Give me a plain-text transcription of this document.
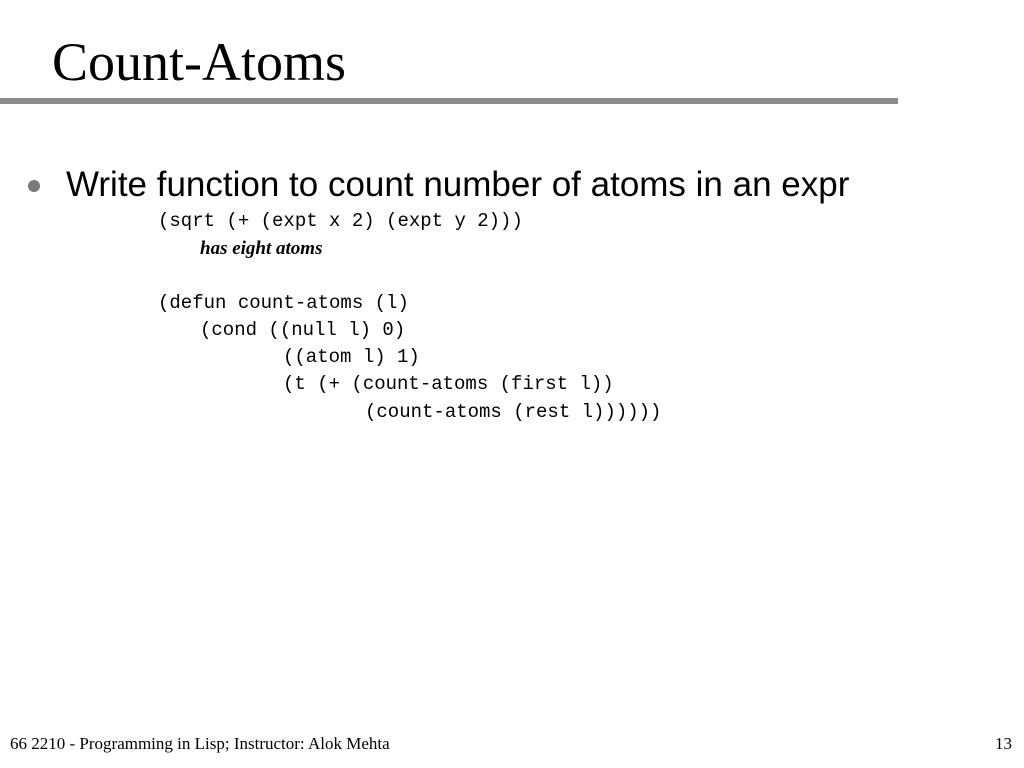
Count-Atoms
Write function to count number of atoms in an expr
(sqrt (+ (expt x 2) (expt y 2)))
has eight atoms
(defun count-atoms (l)
(cond ((null l) 0)
((atom l) 1)
(t (+ (count-atoms (first l))
(count-atoms (rest l))))))
66 2210 - Programming in Lisp; Instructor: Alok Mehta	13
